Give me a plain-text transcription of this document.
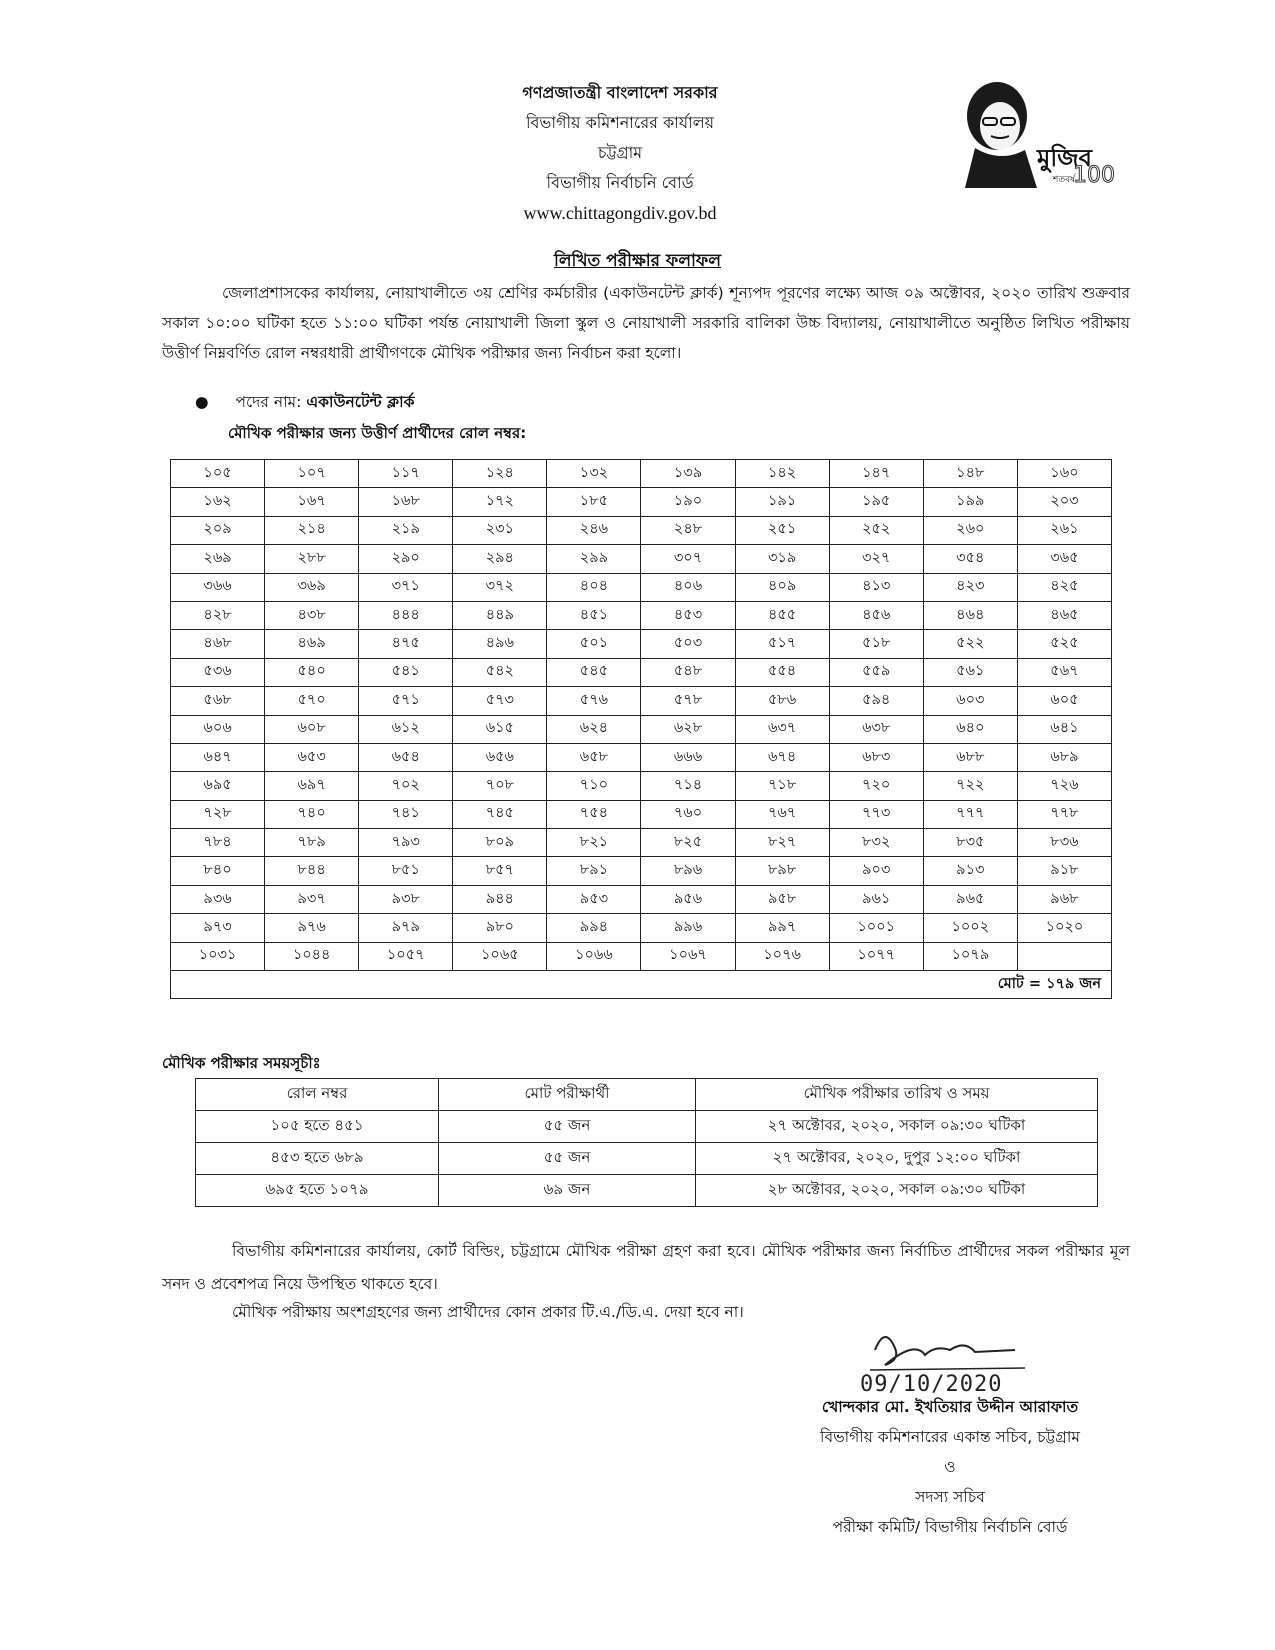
গণপ্রজাতন্ত্রী বাংলাদেশ সরকার
বিভাগীয় কমিশনারের কার্যালয়
চট্টগ্রাম
বিভাগীয় নির্বাচনি বোর্ড
www.chittagongdiv.gov.bd
মুজিব
শতবর্ষ
100
লিখিত পরীক্ষার ফলাফল
জেলাপ্রশাসকের কার্যালয়, নোয়াখালীতে ৩য় শ্রেণির কর্মচারীর (একাউনটেন্ট ক্লার্ক) শূন্যপদ পূরণের লক্ষ্যে আজ ০৯ অক্টোবর, ২০২০ তারিখ শুক্রবার সকাল ১০:০০ ঘটিকা হতে ১১:০০ ঘটিকা পর্যন্ত নোয়াখালী জিলা স্কুল ও নোয়াখালী সরকারি বালিকা উচ্চ বিদ্যালয়, নোয়াখালীতে অনুষ্ঠিত লিখিত পরীক্ষায় উত্তীর্ণ নিম্নবর্ণিত রোল নম্বরধারী প্রার্থীগণকে মৌখিক পরীক্ষার জন্য নির্বাচন করা হলো।
● পদের নাম: একাউনটেন্ট ক্লার্ক
মৌখিক পরীক্ষার জন্য উত্তীর্ণ প্রার্থীদের রোল নম্বর:
১০৫	১০৭	১১৭	১২৪	১৩২	১৩৯	১৪২	১৪৭	১৪৮	১৬০
১৬২	১৬৭	১৬৮	১৭২	১৮৫	১৯০	১৯১	১৯৫	১৯৯	২০৩
২০৯	২১৪	২১৯	২৩১	২৪৬	২৪৮	২৫১	২৫২	২৬০	২৬১
২৬৯	২৮৮	২৯০	২৯৪	২৯৯	৩০৭	৩১৯	৩২৭	৩৫৪	৩৬৫
৩৬৬	৩৬৯	৩৭১	৩৭২	৪০৪	৪০৬	৪০৯	৪১৩	৪২৩	৪২৫
৪২৮	৪৩৮	৪৪৪	৪৪৯	৪৫১	৪৫৩	৪৫৫	৪৫৬	৪৬৪	৪৬৫
৪৬৮	৪৬৯	৪৭৫	৪৯৬	৫০১	৫০৩	৫১৭	৫১৮	৫২২	৫২৫
৫৩৬	৫৪০	৫৪১	৫৪২	৫৪৫	৫৪৮	৫৫৪	৫৫৯	৫৬১	৫৬৭
৫৬৮	৫৭০	৫৭১	৫৭৩	৫৭৬	৫৭৮	৫৮৬	৫৯৪	৬০৩	৬০৫
৬০৬	৬০৮	৬১২	৬১৫	৬২৪	৬২৮	৬৩৭	৬৩৮	৬৪০	৬৪১
৬৪৭	৬৫৩	৬৫৪	৬৫৬	৬৫৮	৬৬৬	৬৭৪	৬৮৩	৬৮৮	৬৮৯
৬৯৫	৬৯৭	৭০২	৭০৮	৭১০	৭১৪	৭১৮	৭২০	৭২২	৭২৬
৭২৮	৭৪০	৭৪১	৭৪৫	৭৫৪	৭৬০	৭৬৭	৭৭৩	৭৭৭	৭৭৮
৭৮৪	৭৮৯	৭৯৩	৮০৯	৮২১	৮২৫	৮২৭	৮৩২	৮৩৫	৮৩৬
৮৪০	৮৪৪	৮৫১	৮৫৭	৮৯১	৮৯৬	৮৯৮	৯০৩	৯১৩	৯১৮
৯৩৬	৯৩৭	৯৩৮	৯৪৪	৯৫৩	৯৫৬	৯৫৮	৯৬১	৯৬৫	৯৬৮
৯৭৩	৯৭৬	৯৭৯	৯৮০	৯৯৪	৯৯৬	৯৯৭	১০০১	১০০২	১০২০
১০৩১	১০৪৪	১০৫৭	১০৬৫	১০৬৬	১০৬৭	১০৭৬	১০৭৭	১০৭৯	
মোট = ১৭৯ জন									
মৌখিক পরীক্ষার সময়সূচীঃ
রোল নম্বর	মোট পরীক্ষার্থী	মৌখিক পরীক্ষার তারিখ ও সময়
১০৫ হতে ৪৫১	৫৫ জন	২৭ অক্টোবর, ২০২০, সকাল ০৯:৩০ ঘটিকা
৪৫৩ হতে ৬৮৯	৫৫ জন	২৭ অক্টোবর, ২০২০, দুপুর ১২:০০ ঘটিকা
৬৯৫ হতে ১০৭৯	৬৯ জন	২৮ অক্টোবর, ২০২০, সকাল ০৯:৩০ ঘটিকা
বিভাগীয় কমিশনারের কার্যালয়, কোর্ট বিল্ডিং, চট্টগ্রামে মৌখিক পরীক্ষা গ্রহণ করা হবে। মৌখিক পরীক্ষার জন্য নির্বাচিত প্রার্থীদের সকল পরীক্ষার মূল সনদ ও প্রবেশপত্র নিয়ে উপস্থিত থাকতে হবে।
মৌখিক পরীক্ষায় অংশগ্রহণের জন্য প্রার্থীদের কোন প্রকার টি.এ./ডি.এ. দেয়া হবে না।
09/10/2020
খোন্দকার মো. ইখতিয়ার উদ্দীন আরাফাত
বিভাগীয় কমিশনারের একান্ত সচিব, চট্টগ্রাম
ও
সদস্য সচিব
পরীক্ষা কমিটি/ বিভাগীয় নির্বাচনি বোর্ড
